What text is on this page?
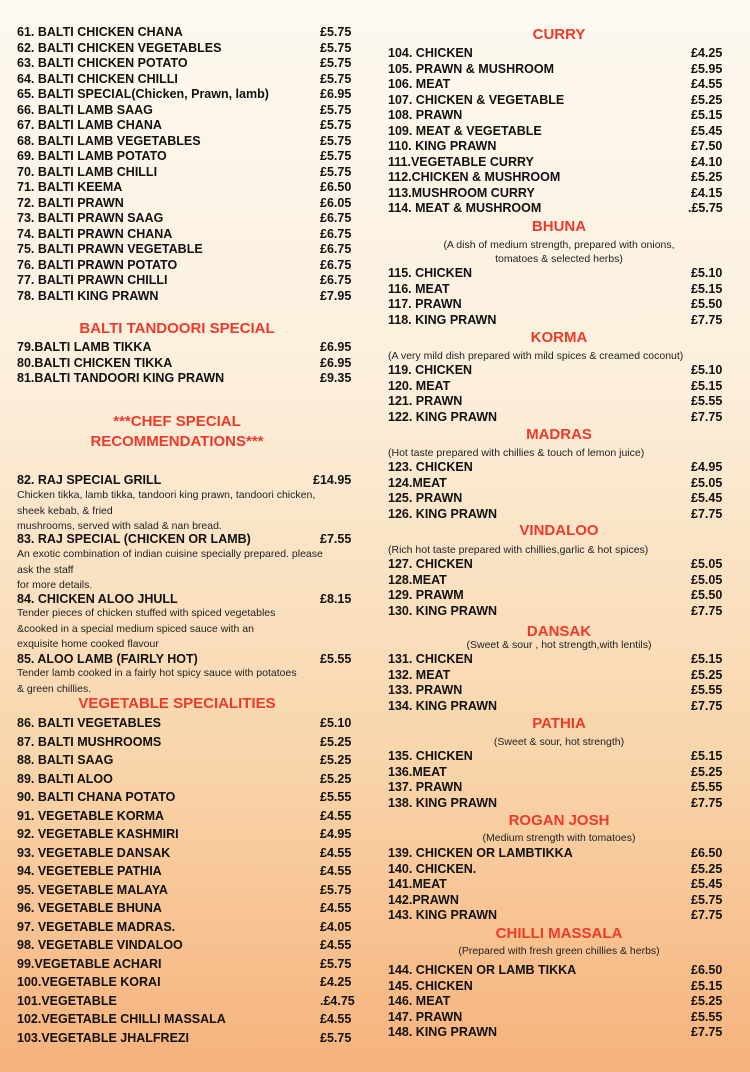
61. BALTI CHICKEN CHANA	£5.75
62. BALTI CHICKEN VEGETABLES	£5.75
63. BALTI CHICKEN POTATO	£5.75
64. BALTI CHICKEN CHILLI	£5.75
65. BALTI SPECIAL(Chicken, Prawn, lamb)	£6.95
66. BALTI LAMB SAAG	£5.75
67. BALTI LAMB CHANA	£5.75
68. BALTI LAMB VEGETABLES	£5.75
69. BALTI LAMB POTATO	£5.75
70. BALTI LAMB CHILLI	£5.75
71. BALTI KEEMA	£6.50
72. BALTI PRAWN	£6.05
73. BALTI PRAWN SAAG	£6.75
74. BALTI PRAWN CHANA	£6.75
75. BALTI PRAWN VEGETABLE	£6.75
76. BALTI PRAWN POTATO	£6.75
77. BALTI PRAWN CHILLI	£6.75
78. BALTI KING PRAWN	£7.95
BALTI TANDOORI SPECIAL
79.BALTI LAMB TIKKA	£6.95
80.BALTI CHICKEN TIKKA	£6.95
81.BALTI TANDOORI KING PRAWN	£9.35
***CHEF SPECIAL
RECOMMENDATIONS***
82. RAJ SPECIAL GRILL	£14.95
Chicken tikka, lamb tikka, tandoori king prawn, tandoori chicken,
sheek kebab, & fried
mushrooms, served with salad & nan bread.
83. RAJ SPECIAL (CHICKEN OR LAMB)	£7.55
An exotic combination of indian cuisine specially prepared. please
ask the staff
for more details.
84. CHICKEN ALOO JHULL	£8.15
Tender pieces of chicken stuffed with spiced vegetables
&cooked in a special medium spiced sauce with an
exquisite home cooked flavour
85. ALOO LAMB (FAIRLY HOT)	£5.55
Tender lamb cooked in a fairly hot spicy sauce with potatoes
& green chillies.
VEGETABLE SPECIALITIES
86. BALTI VEGETABLES	£5.10
87. BALTI MUSHROOMS	£5.25
88. BALTI SAAG	£5.25
89. BALTI ALOO	£5.25
90. BALTI CHANA POTATO	£5.55
91. VEGETABLE KORMA	£4.55
92. VEGETABLE KASHMIRI	£4.95
93. VEGETABLE DANSAK	£4.55
94. VEGETEBLE PATHIA	£4.55
95. VEGETABLE MALAYA	£5.75
96. VEGETABLE BHUNA	£4.55
97. VEGETABLE MADRAS.	£4.05
98. VEGETABLE VINDALOO	£4.55
99.VEGETABLE ACHARI	£5.75
100.VEGETABLE KORAI	£4.25
101.VEGETABLE	.£4.75
102.VEGETABLE CHILLI MASSALA	£4.55
103.VEGETABLE JHALFREZI	£5.75
CURRY
104. CHICKEN	£4.25
105. PRAWN & MUSHROOM	£5.95
106. MEAT	£4.55
107. CHICKEN & VEGETABLE	£5.25
108. PRAWN	£5.15
109. MEAT & VEGETABLE	£5.45
110. KING PRAWN	£7.50
111.VEGETABLE CURRY	£4.10
112.CHICKEN & MUSHROOM	£5.25
113.MUSHROOM CURRY	£4.15
114. MEAT & MUSHROOM	.£5.75
BHUNA
(A dish of medium strength, prepared with onions,
tomatoes & selected herbs)
115. CHICKEN	£5.10
116. MEAT	£5.15
117. PRAWN	£5.50
118. KING PRAWN	£7.75
KORMA
(A very mild dish prepared with mild spices & creamed coconut)
119. CHICKEN	£5.10
120. MEAT	£5.15
121. PRAWN	£5.55
122. KING PRAWN	£7.75
MADRAS
(Hot taste prepared with chillies & touch of lemon juice)
123. CHICKEN	£4.95
124.MEAT	£5.05
125. PRAWN	£5.45
126. KING PRAWN	£7.75
VINDALOO
(Rich hot taste prepared with chillies,garlic & hot spices)
127. CHICKEN	£5.05
128.MEAT	£5.05
129. PRAWM	£5.50
130. KING PRAWN	£7.75
DANSAK
(Sweet & sour , hot strength,with lentils)
131. CHICKEN	£5.15
132. MEAT	£5.25
133. PRAWN	£5.55
134. KING PRAWN	£7.75
PATHIA
(Sweet & sour, hot strength)
135. CHICKEN	£5.15
136.MEAT	£5.25
137. PRAWN	£5.55
138. KING PRAWN	£7.75
ROGAN JOSH
(Medium strength with tomatoes)
139. CHICKEN OR LAMBTIKKA	£6.50
140. CHICKEN.	£5.25
141.MEAT	£5.45
142.PRAWN	£5.75
143. KING PRAWN	£7.75
CHILLI MASSALA
(Prepared with fresh green chillies & herbs)
144. CHICKEN OR LAMB TIKKA	£6.50
145. CHICKEN	£5.15
146. MEAT	£5.25
147. PRAWN	£5.55
148. KING PRAWN	£7.75
